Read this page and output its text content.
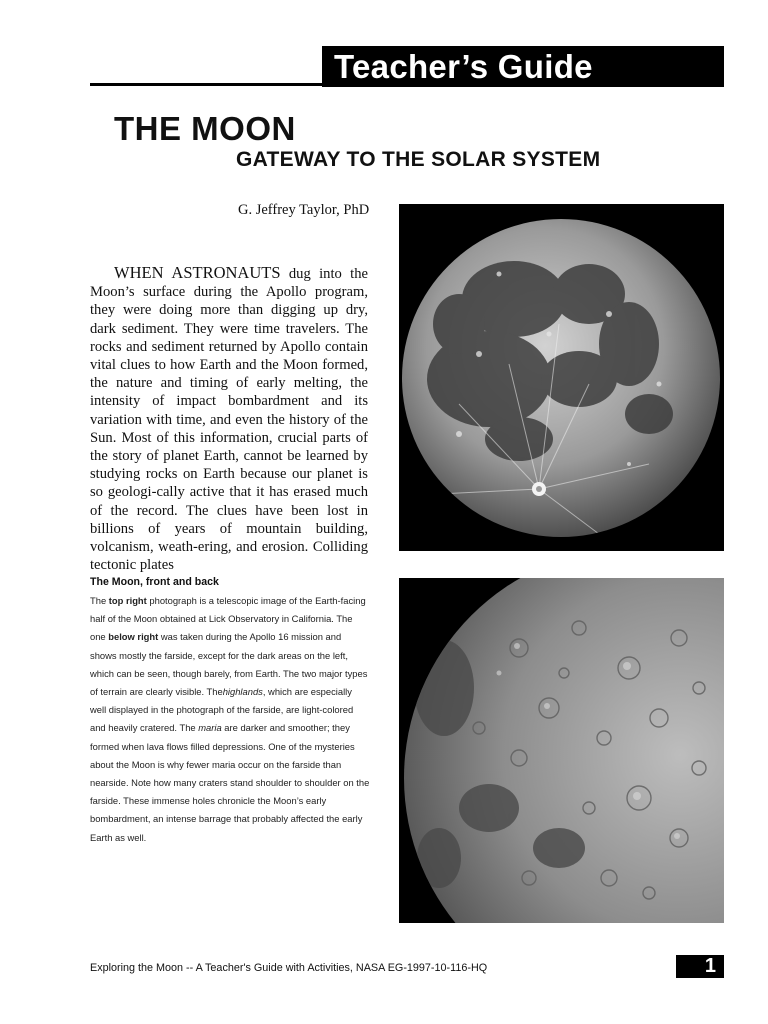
Teacher’s Guide
THE MOON
GATEWAY TO THE SOLAR SYSTEM
G. Jeffrey Taylor, PhD

WHEN ASTRONAUTS dug into the Moon’s surface during the Apollo program, they were doing more than digging up dry, dark sediment. They were time travelers. The rocks and sediment returned by Apollo contain vital clues to how Earth and the Moon formed, the nature and timing of early melting, the intensity of impact bombardment and its variation with time, and even the history of the Sun. Most of this information, crucial parts of the story of planet Earth, cannot be learned by studying rocks on Earth because our planet is so geologi-cally active that it has erased much of the record. The clues have been lost in billions of years of mountain building, volcanism, weath-ering, and erosion. Colliding tectonic plates

The Moon, front and back

The top right photograph is a telescopic image of the Earth-facing half of the Moon obtained at Lick Observatory in California. The one below right was taken during the Apollo 16 mission and shows mostly the farside, except for the dark areas on the left, which can be seen, though barely, from Earth. The two major types of terrain are clearly visible. Thehighlands, which are especially well displayed in the photograph of the farside, are light-colored and heavily cratered. The maria are darker and smoother; they formed when lava flows filled depressions. One of the mysteries about the Moon is why fewer maria occur on the farside than nearside. Note how many craters stand shoulder to shoulder on the farside. These immense holes chronicle the Moon’s early bombardment, an intense barrage that probably affected the early Earth as well.

Exploring the Moon -- A Teacher's Guide with Activities, NASA EG-1997-10-116-HQ	1
